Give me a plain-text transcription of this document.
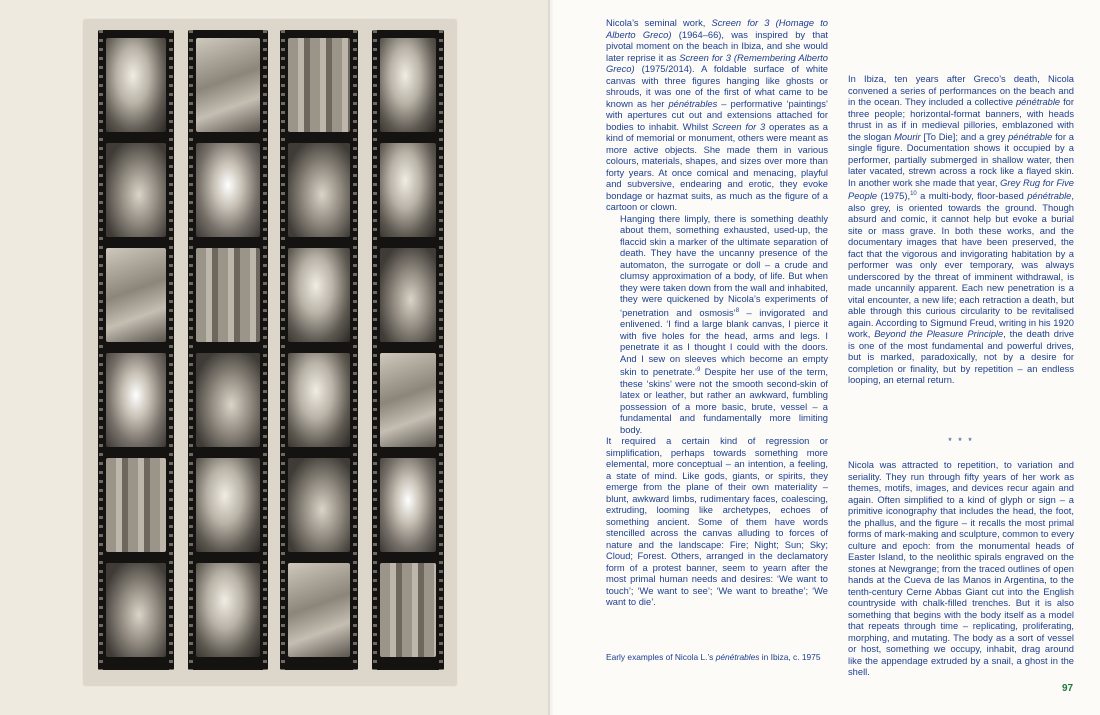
Nicola’s seminal work, Screen for 3 (Homage to Alberto Greco) (1964–66), was inspired by that pivotal moment on the beach in Ibiza, and she would later reprise it as Screen for 3 (Remembering Alberto Greco) (1975/2014). A foldable surface of white canvas with three figures hanging like ghosts or shrouds, it was one of the first of what came to be known as her pénétrables – performative ‘paintings’ with apertures cut out and extensions attached for bodies to inhabit. Whilst Screen for 3 operates as a kind of memorial or monument, others were meant as more active objects. She made them in various colours, materials, shapes, and sizes over more than forty years. At once comical and menacing, playful and subversive, endearing and erotic, they evoke bondage or hazmat suits, as much as the figure of a cartoon or clown.

Hanging there limply, there is something deathly about them, something exhausted, used-up, the flaccid skin a marker of the ultimate separation of death. They have the uncanny presence of the automaton, the surrogate or doll – a crude and clumsy approximation of a body, of life. But when they were taken down from the wall and inhabited, they were quickened by Nicola’s experiments of ‘penetration and osmosis’$^8$ – invigorated and enlivened. ‘I find a large blank canvas, I pierce it with five holes for the head, arms and legs. I penetrate it as I thought I could with the doors. And I sew on sleeves which become an empty skin to penetrate.’$^9$ Despite her use of the term, these ‘skins’ were not the smooth second-skin of latex or leather, but rather an awkward, fumbling possession of a more basic, brute, vessel – a fundamental and fundamentally more limiting body.

It required a certain kind of regression or simplification, perhaps towards something more elemental, more conceptual – an intention, a feeling, a state of mind. Like gods, giants, or spirits, they emerge from the plane of their own materiality – blunt, awkward limbs, rudimentary faces, coalescing, extruding, looming like archetypes, echoes of something ancient. Some of them have words stencilled across the canvas alluding to forces of nature and the landscape: Fire; Night; Sun; Sky; Cloud; Forest. Others, arranged in the declamatory form of a protest banner, seem to yearn after the most primal human needs and desires: ‘We want to touch’; ‘We want to see’; ‘We want to breathe’; ‘We want to die’.

In Ibiza, ten years after Greco’s death, Nicola convened a series of performances on the beach and in the ocean. They included a collective pénétrable for three people; horizontal-format banners, with heads thrust in as if in medieval pillories, emblazoned with the slogan Mourir [To Die]; and a grey pénétrable for a single figure. Documentation shows it occupied by a performer, partially submerged in shallow water, then later vacated, strewn across a rock like a flayed skin. In another work she made that year, Grey Rug for Five People (1975),$^{10}$ a multi-body, floor-based pénétrable, also grey, is oriented towards the ground. Though absurd and comic, it cannot help but evoke a burial site or mass grave. In both these works, and the documentary images that have been preserved, the fact that the vigorous and invigorating habitation by a performer was only ever temporary, was always underscored by the threat of imminent withdrawal, is made uncannily apparent. Each new penetration is a vital encounter, a new life; each retraction a death, but able through this curious circularity to be revitalised again. According to Sigmund Freud, writing in his 1920 work, Beyond the Pleasure Principle, the death drive is one of the most fundamental and powerful drives, but is marked, paradoxically, not by a desire for completion or finality, but by repetition – an endless looping, an eternal return.

* * *

Nicola was attracted to repetition, to variation and seriality. They run through fifty years of her work as themes, motifs, images, and devices recur again and again. Often simplified to a kind of glyph or sign – a primitive iconography that includes the head, the foot, the phallus, and the figure – it recalls the most primal forms of mark-making and sculpture, common to every culture and epoch: from the monumental heads of Easter Island, to the neolithic spirals engraved on the stones at Newgrange; from the traced outlines of open hands at the Cueva de las Manos in Argentina, to the tenth-century Cerne Abbas Giant cut into the English countryside with chalk-filled trenches. But it is also something that begins with the body itself as a model that repeats through time – replicating, proliferating, morphing, and mutating. The body as a sort of vessel or host, something we occupy, inhabit, drag around like the appendage extruded by a snail, a ghost in the shell.

Early examples of Nicola L.’s pénétrables in Ibiza, c. 1975
97
